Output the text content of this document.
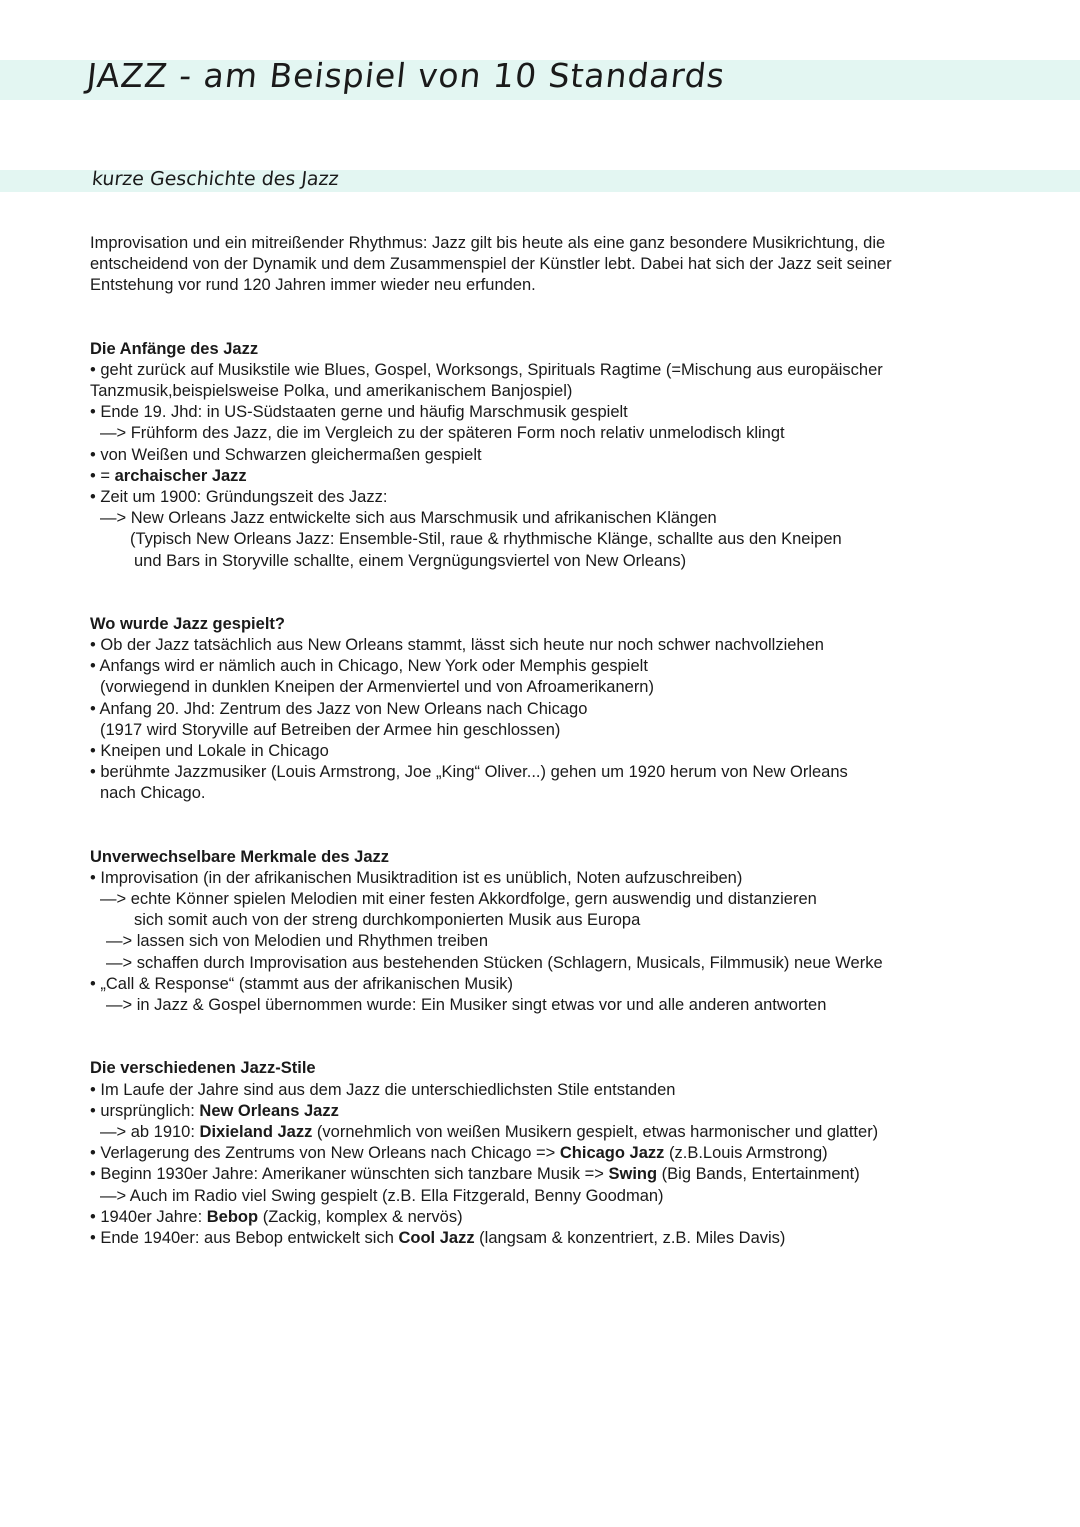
JAZZ - am Beispiel von 10 Standards
kurze Geschichte des Jazz
Improvisation und ein mitreißender Rhythmus: Jazz gilt bis heute als eine ganz besondere Musikrichtung, die
entscheidend von der Dynamik und dem Zusammenspiel der Künstler lebt. Dabei hat sich der Jazz seit seiner
Entstehung vor rund 120 Jahren immer wieder neu erfunden.
Die Anfänge des Jazz
• geht zurück auf Musikstile wie Blues, Gospel, Worksongs, Spirituals Ragtime (=Mischung aus europäischer
Tanzmusik,beispielsweise Polka, und amerikanischem Banjospiel)
• Ende 19. Jhd: in US-Südstaaten gerne und häufig Marschmusik gespielt
—> Frühform des Jazz, die im Vergleich zu der späteren Form noch relativ unmelodisch klingt
• von Weißen und Schwarzen gleichermaßen gespielt
• = archaischer Jazz
• Zeit um 1900: Gründungszeit des Jazz:
—> New Orleans Jazz entwickelte sich aus Marschmusik und afrikanischen Klängen
(Typisch New Orleans Jazz: Ensemble-Stil, raue & rhythmische Klänge, schallte aus den Kneipen
und Bars in Storyville schallte, einem Vergnügungsviertel von New Orleans)
Wo wurde Jazz gespielt?
• Ob der Jazz tatsächlich aus New Orleans stammt, lässt sich heute nur noch schwer nachvollziehen
• Anfangs wird er nämlich auch in Chicago, New York oder Memphis gespielt
(vorwiegend in dunklen Kneipen der Armenviertel und von Afroamerikanern)
• Anfang 20. Jhd: Zentrum des Jazz von New Orleans nach Chicago
(1917 wird Storyville auf Betreiben der Armee hin geschlossen)
• Kneipen und Lokale in Chicago
• berühmte Jazzmusiker (Louis Armstrong, Joe „King“ Oliver...) gehen um 1920 herum von New Orleans
nach Chicago.
Unverwechselbare Merkmale des Jazz
• Improvisation (in der afrikanischen Musiktradition ist es unüblich, Noten aufzuschreiben)
—> echte Könner spielen Melodien mit einer festen Akkordfolge, gern auswendig und distanzieren
sich somit auch von der streng durchkomponierten Musik aus Europa
—> lassen sich von Melodien und Rhythmen treiben
—> schaffen durch Improvisation aus bestehenden Stücken (Schlagern, Musicals, Filmmusik) neue Werke
• „Call & Response“ (stammt aus der afrikanischen Musik)
—> in Jazz & Gospel übernommen wurde: Ein Musiker singt etwas vor und alle anderen antworten
Die verschiedenen Jazz-Stile
• Im Laufe der Jahre sind aus dem Jazz die unterschiedlichsten Stile entstanden
• ursprünglich: New Orleans Jazz
—> ab 1910: Dixieland Jazz (vornehmlich von weißen Musikern gespielt, etwas harmonischer und glatter)
• Verlagerung des Zentrums von New Orleans nach Chicago => Chicago Jazz (z.B.Louis Armstrong)
• Beginn 1930er Jahre: Amerikaner wünschten sich tanzbare Musik => Swing (Big Bands, Entertainment)
—> Auch im Radio viel Swing gespielt (z.B. Ella Fitzgerald, Benny Goodman)
• 1940er Jahre: Bebop (Zackig, komplex & nervös)
• Ende 1940er: aus Bebop entwickelt sich Cool Jazz (langsam & konzentriert, z.B. Miles Davis)
